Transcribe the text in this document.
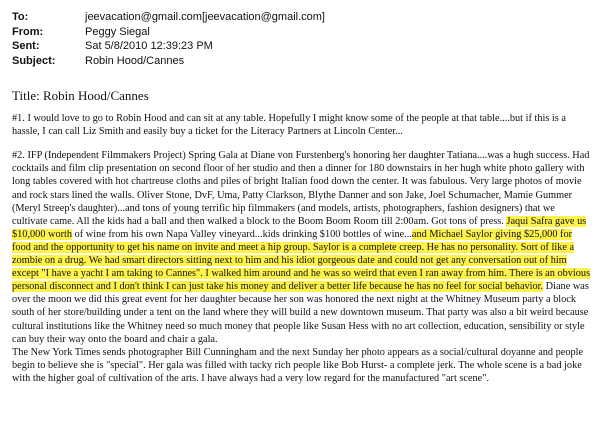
To:	jeevacation@gmail.com[jeevacation@gmail.com]
From:	Peggy Siegal
Sent:	Sat 5/8/2010 12:39:23 PM
Subject:	Robin Hood/Cannes
Title: Robin Hood/Cannes

#1. I would love to go to Robin Hood and can sit at any table. Hopefully I might know some of the people at that table....but if this is a hassle, I can call Liz Smith and easily buy a ticket for the Literacy Partners at Lincoln Center...

#2. IFP (Independent Filmmakers Project) Spring Gala at Diane von Furstenberg's honoring her daughter Tatiana....was a hugh success. Had cocktails and film clip presentation on second floor of her studio and then a dinner for 180 downstairs in her hugh white photo gallery with long tables covered with hot chartreuse cloths and piles of bright Italian food down the center. It was fabulous. Very large photos of movie and rock stars lined the walls. Oliver Stone, DvF, Uma, Patty Clarkson, Blythe Danner and son Jake, Joel Schumacher, Mamie Gummer (Meryl Streep's daughter)...and tons of young terrific hip filmmakers (and models, artists, photographers, fashion designers) that we cultivate came. All the kids had a ball and then walked a block to the Boom Boom Room till 2:00am. Got tons of press. Jaqui Safra gave us $10,000 worth of wine from his own Napa Valley vineyard...kids drinking $100 bottles of wine...and Michael Saylor giving $25,000 for food and the opportunity to get his name on invite and meet a hip group. Saylor is a complete creep. He has no personality. Sort of like a zombie on a drug. We had smart directors sitting next to him and his idiot gorgeous date and could not get any conversation out of him except "I have a yacht I am taking to Cannes". I walked him around and he was so weird that even I ran away from him. There is an obvious personal disconnect and I don't think I can just take his money and deliver a better life because he has no feel for social behavior. Diane was over the moon we did this great event for her daughter because her son was honored the next night at the Whitney Museum party a block south of her store/building under a tent on the land where they will build a new downtown museum. That party was also a bit weird because cultural institutions like the Whitney need so much money that people like Susan Hess with no art collection, education, sensibility or style can buy their way onto the board and chair a gala.

The New York Times sends photographer Bill Cunningham and the next Sunday her photo appears as a social/cultural doyanne and people begin to believe she is "special". Her gala was filled with tacky rich people like Bob Hurst- a complete jerk. The whole scene is a bad joke with the higher goal of cultivation of the arts. I have always had a very low regard for the manufactured "art scene".
